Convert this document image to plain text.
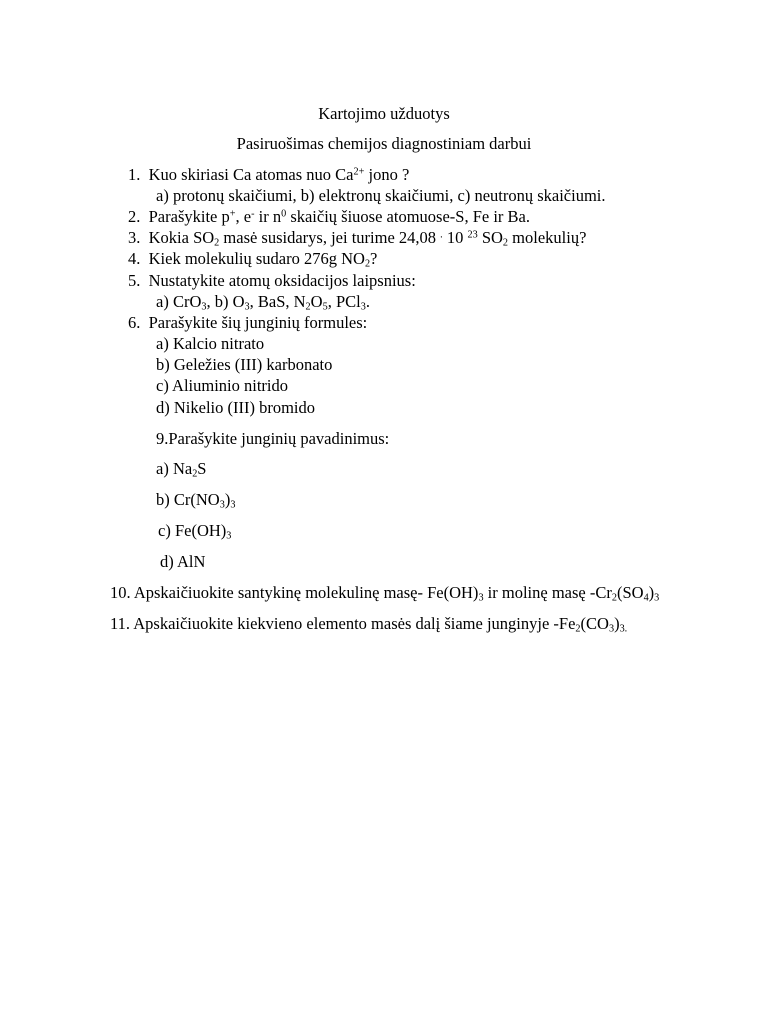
Kartojimo užduotys
Pasiruošimas chemijos diagnostiniam darbui
1. Kuo skiriasi Ca atomas nuo $Ca^{2+}$ jono ?
a) protonų skaičiumi, b) elektronų skaičiumi, c) neutronų skaičiumi.
2. Parašykite p+, e- ir $n^0$ skaičių šiuose atomuose-S, Fe ir Ba.
3. Kokia $SO_2$ masė susidarys, jei turime 24,08 . 10 $^{23}$ $SO_2$ molekulių?
4. Kiek molekulių sudaro 276g $NO_2$?
5. Nustatykite atomų oksidacijos laipsnius:
a) CrO$_3$, b) $O_3$, BaS, $N_2O_5$, PCl$_3$.
6. Parašykite šių junginių formules:
a) Kalcio nitrato
b) Geležies (III) karbonato
c) Aliuminio nitrido
d) Nikelio (III) bromido
9.Parašykite junginių pavadinimus:
a) $Na_2S$
b) $Cr(NO_3)_3$
c) $Fe(OH)_3$
d) AlN
10. Apskaičiuokite santykinę molekulinę masę- $Fe(OH)_3$ ir molinę masę $-Cr_2(SO_4)_3$
11. Apskaičiuokite kiekvieno elemento masės dalį šiame junginyje $-Fe_2(CO_3)_{3.}$
